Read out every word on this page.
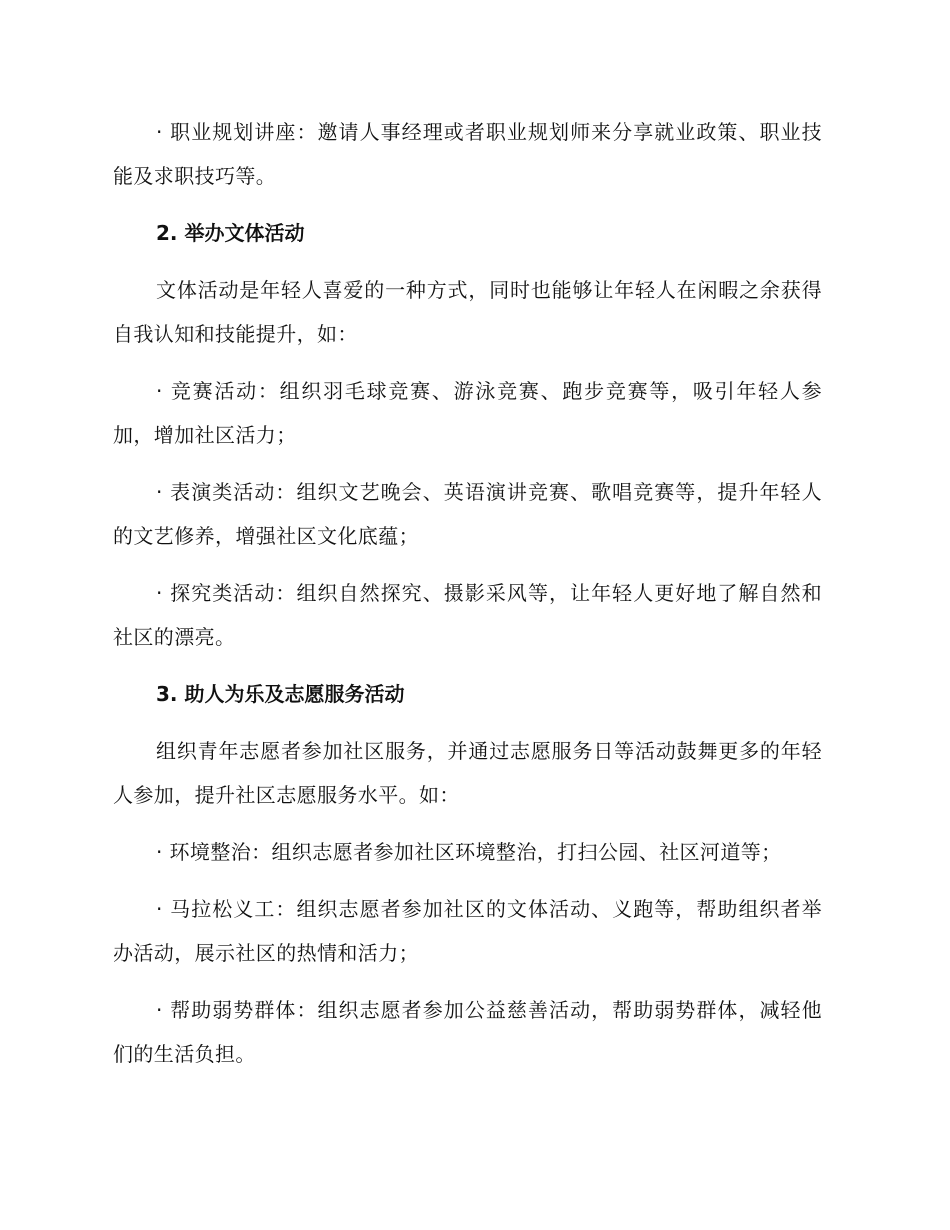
· 职业规划讲座：邀请人事经理或者职业规划师来分享就业政策、职业技能及求职技巧等。

2. 举办文体活动

文体活动是年轻人喜爱的一种方式，同时也能够让年轻人在闲暇之余获得自我认知和技能提升，如：

· 竞赛活动：组织羽毛球竞赛、游泳竞赛、跑步竞赛等，吸引年轻人参加，增加社区活力；

· 表演类活动：组织文艺晚会、英语演讲竞赛、歌唱竞赛等，提升年轻人的文艺修养，增强社区文化底蕴；

· 探究类活动：组织自然探究、摄影采风等，让年轻人更好地了解自然和社区的漂亮。

3. 助人为乐及志愿服务活动

组织青年志愿者参加社区服务，并通过志愿服务日等活动鼓舞更多的年轻人参加，提升社区志愿服务水平。如：

· 环境整治：组织志愿者参加社区环境整治，打扫公园、社区河道等；

· 马拉松义工：组织志愿者参加社区的文体活动、义跑等，帮助组织者举办活动，展示社区的热情和活力；

· 帮助弱势群体：组织志愿者参加公益慈善活动，帮助弱势群体，减轻他们的生活负担。
